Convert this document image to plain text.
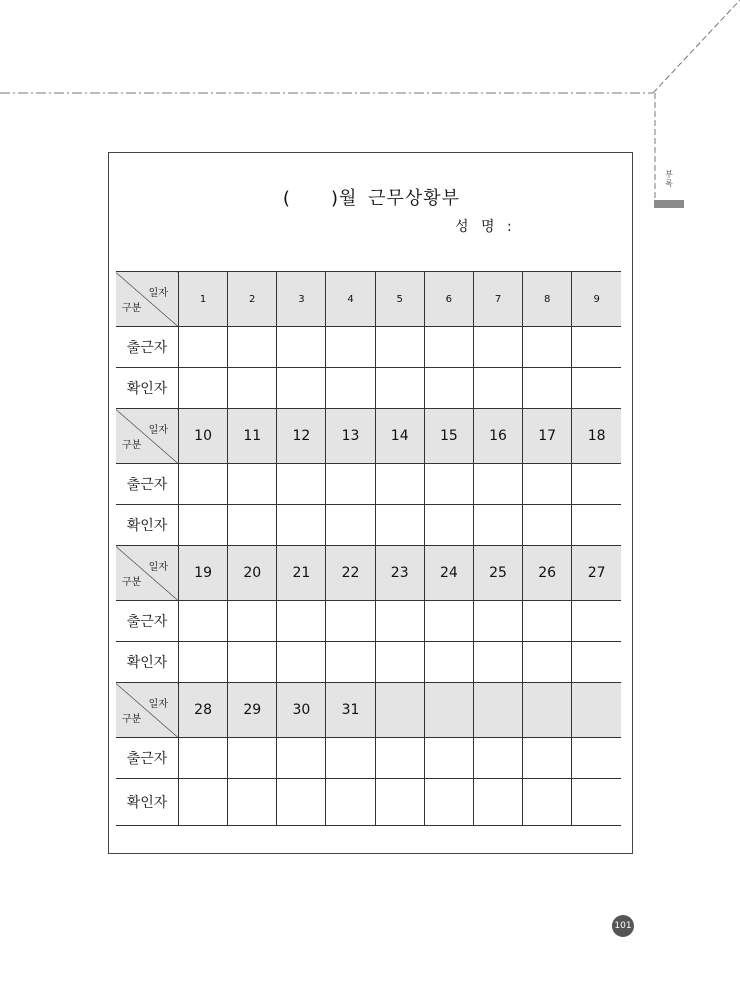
부록
( )월 근무상황부
성 명 :
일자
구분	1	2	3	4	5	6	7	8	9
출근자									
확인자									

일자
구분	10	11	12	13	14	15	16	17	18
출근자									
확인자									

일자
구분	19	20	21	22	23	24	25	26	27
출근자									
확인자									

일자
구분	28	29	30	31					
출근자									
확인자									
101
